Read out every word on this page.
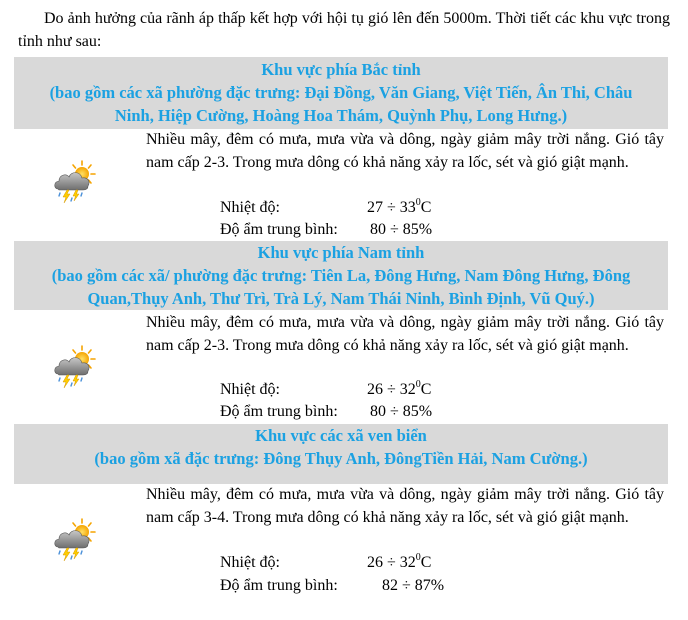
Do ảnh hưởng của rãnh áp thấp kết hợp với hội tụ gió lên đến 5000m. Thời tiết các khu vực trong tỉnh như sau:
Khu vực phía Bắc tỉnh
(bao gồm các xã phường đặc trưng: Đại Đồng, Văn Giang, Việt Tiến, Ân Thi, Châu
Ninh, Hiệp Cường, Hoàng Hoa Thám, Quỳnh Phụ, Long Hưng.)
Nhiều mây, đêm có mưa, mưa vừa và dông, ngày giảm mây trời nắng. Gió tây nam cấp 2-3. Trong mưa dông có khả năng xảy ra lốc, sét và gió giật mạnh.
Nhiệt độ:	$27 \div 33^0C$
Độ ẩm trung bình: 80 ÷ 85%
Khu vực phía Nam tỉnh
(bao gồm các xã/ phường đặc trưng: Tiên La, Đông Hưng, Nam Đông Hưng, Đông
Quan,Thụy Anh, Thư Trì, Trà Lý, Nam Thái Ninh, Bình Định, Vũ Quý.)
Nhiều mây, đêm có mưa, mưa vừa và dông, ngày giảm mây trời nắng. Gió tây nam cấp 2-3. Trong mưa dông có khả năng xảy ra lốc, sét và gió giật mạnh.
Nhiệt độ:	$26 \div 32^0C$
Độ ẩm trung bình: 80 ÷ 85%
Khu vực các xã ven biển
(bao gồm xã đặc trưng: Đông Thụy Anh, ĐôngTiền Hải, Nam Cường.)
Nhiều mây, đêm có mưa, mưa vừa và dông, ngày giảm mây trời nắng. Gió tây nam cấp 3-4. Trong mưa dông có khả năng xảy ra lốc, sét và gió giật mạnh.
Nhiệt độ:	$26 \div 32^0C$
Độ ẩm trung bình:	82 ÷ 87%
